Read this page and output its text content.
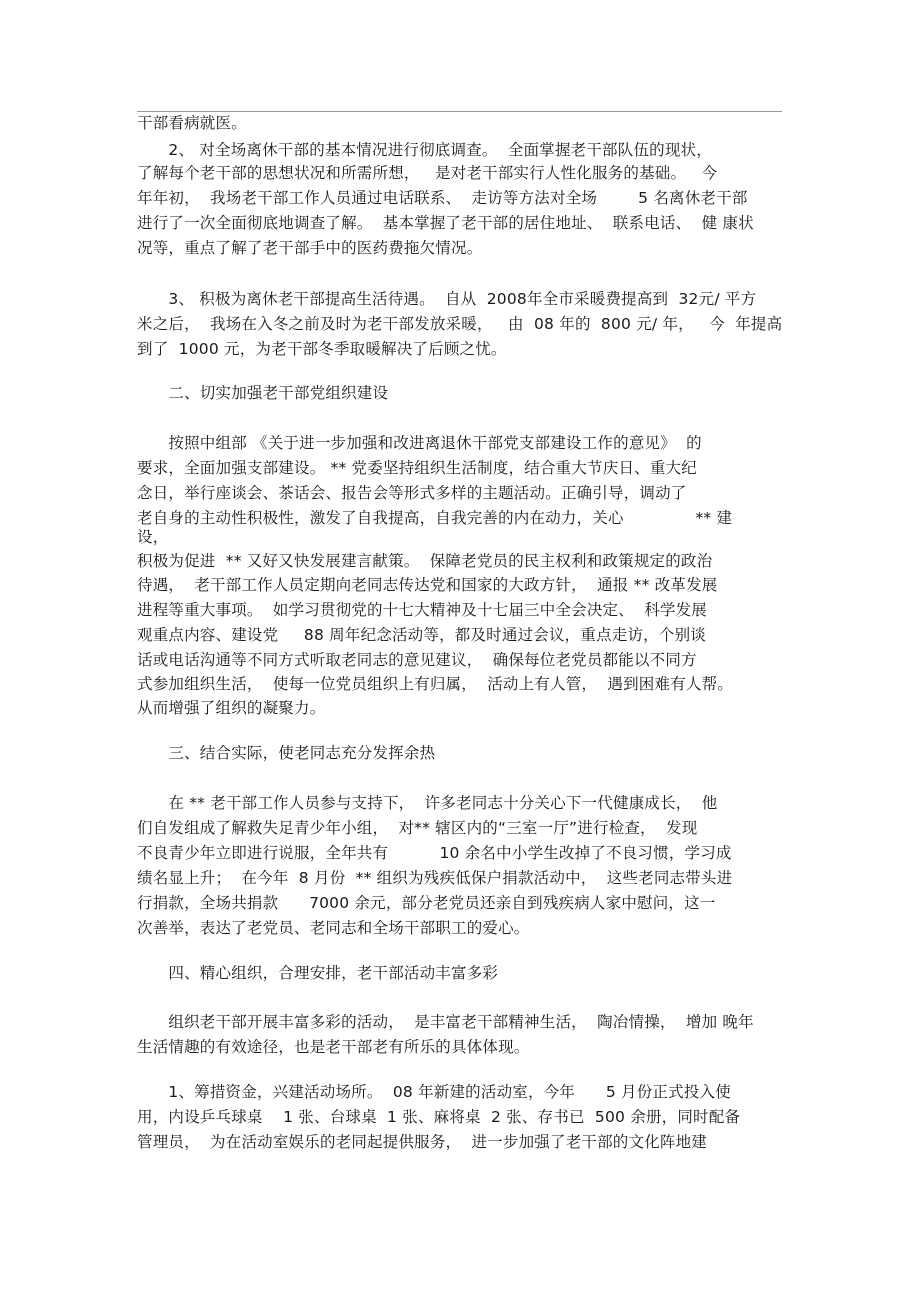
干部看病就医。
　　2、 对全场离休干部的基本情况进行彻底调查。  全面掌握老干部队伍的现状，
了解每个老干部的思想状况和所需所想，   是对老干部实行人性化服务的基础。   今
年年初，  我场老干部工作人员通过电话联系、  走访等方法对全场        5 名离休老干部
进行了一次全面彻底地调查了解。  基本掌握了老干部的居住地址、  联系电话、  健 康状
况等，重点了解了老干部手中的医药费拖欠情况。
　　3、 积极为离休老干部提高生活待遇。  自从  2008年全市采暖费提高到  32元/ 平方
米之后，  我场在入冬之前及时为老干部发放采暖，   由  08 年的  800 元/ 年，   今  年提高
到了  1000 元，为老干部冬季取暖解决了后顾之忧。
　　二、切实加强老干部党组织建设
　　按照中组部 《关于进一步加强和改进离退休干部党支部建设工作的意见》  的
要求，全面加强支部建设。 ** 党委坚持组织生活制度，结合重大节庆日、重大纪
念日，举行座谈会、茶话会、报告会等形式多样的主题活动。正确引导，调动了
老自身的主动性积极性，激发了自我提高，自我完善的内在动力，关心              ** 建
设，
积极为促进  ** 又好又快发展建言献策。  保障老党员的民主权利和政策规定的政治
待遇，  老干部工作人员定期向老同志传达党和国家的大政方针，  通报 ** 改革发展
进程等重大事项。  如学习贯彻党的十七大精神及十七届三中全会决定、  科学发展
观重点内容、建设党     88 周年纪念活动等，都及时通过会议，重点走访，个别谈
话或电话沟通等不同方式听取老同志的意见建议，  确保每位老党员都能以不同方
式参加组织生活，  使每一位党员组织上有归属，  活动上有人管，  遇到困难有人帮。
从而增强了组织的凝聚力。
　　三、结合实际，使老同志充分发挥余热
　　在 ** 老干部工作人员参与支持下，  许多老同志十分关心下一代健康成长，  他
们自发组成了解救失足青少年小组，  对** 辖区内的“三室一厅”进行检查，  发现
不良青少年立即进行说服，全年共有          10 余名中小学生改掉了不良习惯，学习成
绩名显上升；  在今年  8 月份  ** 组织为残疾低保户捐款活动中，  这些老同志带头进
行捐款，全场共捐款      7000 余元，部分老党员还亲自到残疾病人家中慰问，这一
次善举，表达了老党员、老同志和全场干部职工的爱心。
　　四、精心组织，合理安排，老干部活动丰富多彩
　　组织老干部开展丰富多彩的活动，  是丰富老干部精神生活，  陶冶情操，  增加 晚年
生活情趣的有效途径，也是老干部老有所乐的具体体现。
　　1、筹措资金，兴建活动场所。  08 年新建的活动室，今年      5 月份正式投入使
用，内设乒乓球桌    1 张、台球桌  1 张、麻将桌  2 张、存书已  500 余册，同时配备
管理员，  为在活动室娱乐的老同起提供服务，  进一步加强了老干部的文化阵地建
